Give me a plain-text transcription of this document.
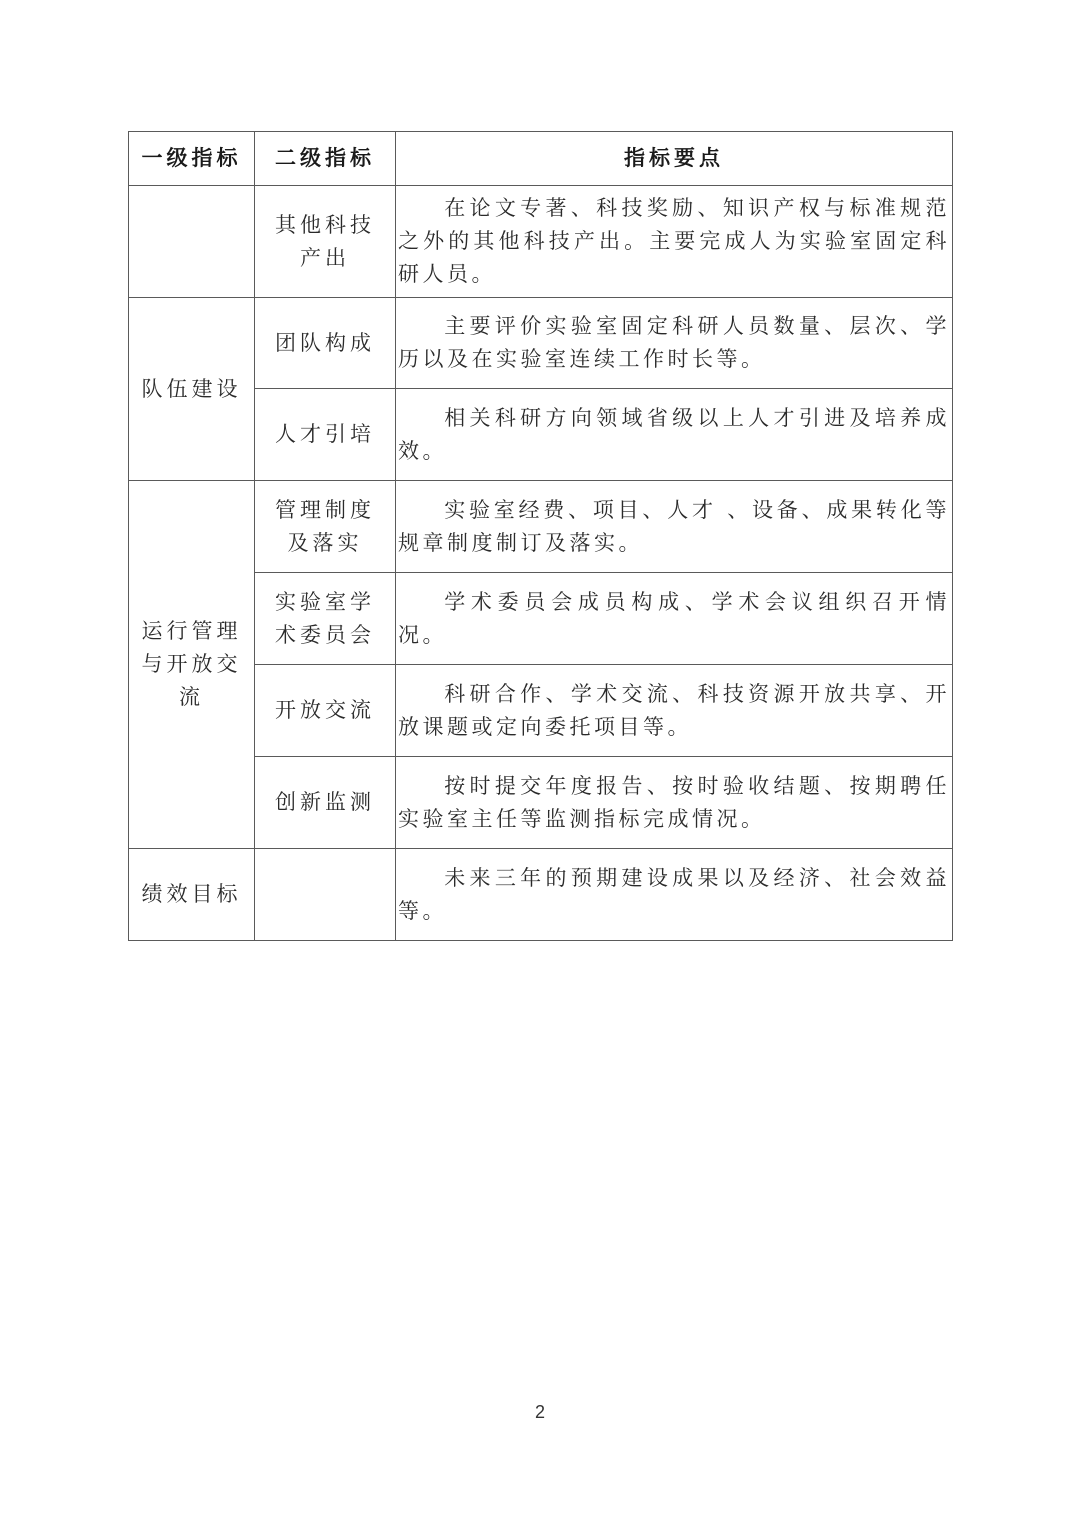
一级指标	二级指标	指标要点
	其他科技产出	在论文专著、科技奖励、知识产权与标准规范之外的其他科技产出。主要完成人为实验室固定科研人员。

队伍建设	团队构成	主要评价实验室固定科研人员数量、层次、学历以及在实验室连续工作时长等。

	人才引培	相关科研方向领域省级以上人才引进及培养成效。

运行管理与开放交流	管理制度及落实	实验室经费、项目、人才 、设备、成果转化等规章制度制订及落实。

	实验室学术委员会	学术委员会成员构成、学术会议组织召开情况。

	开放交流	科研合作、学术交流、科技资源开放共享、开放课题或定向委托项目等。

	创新监测	按时提交年度报告、按时验收结题、按期聘任实验室主任等监测指标完成情况。

绩效目标		未来三年的预期建设成果以及经济、社会效益等。
2
